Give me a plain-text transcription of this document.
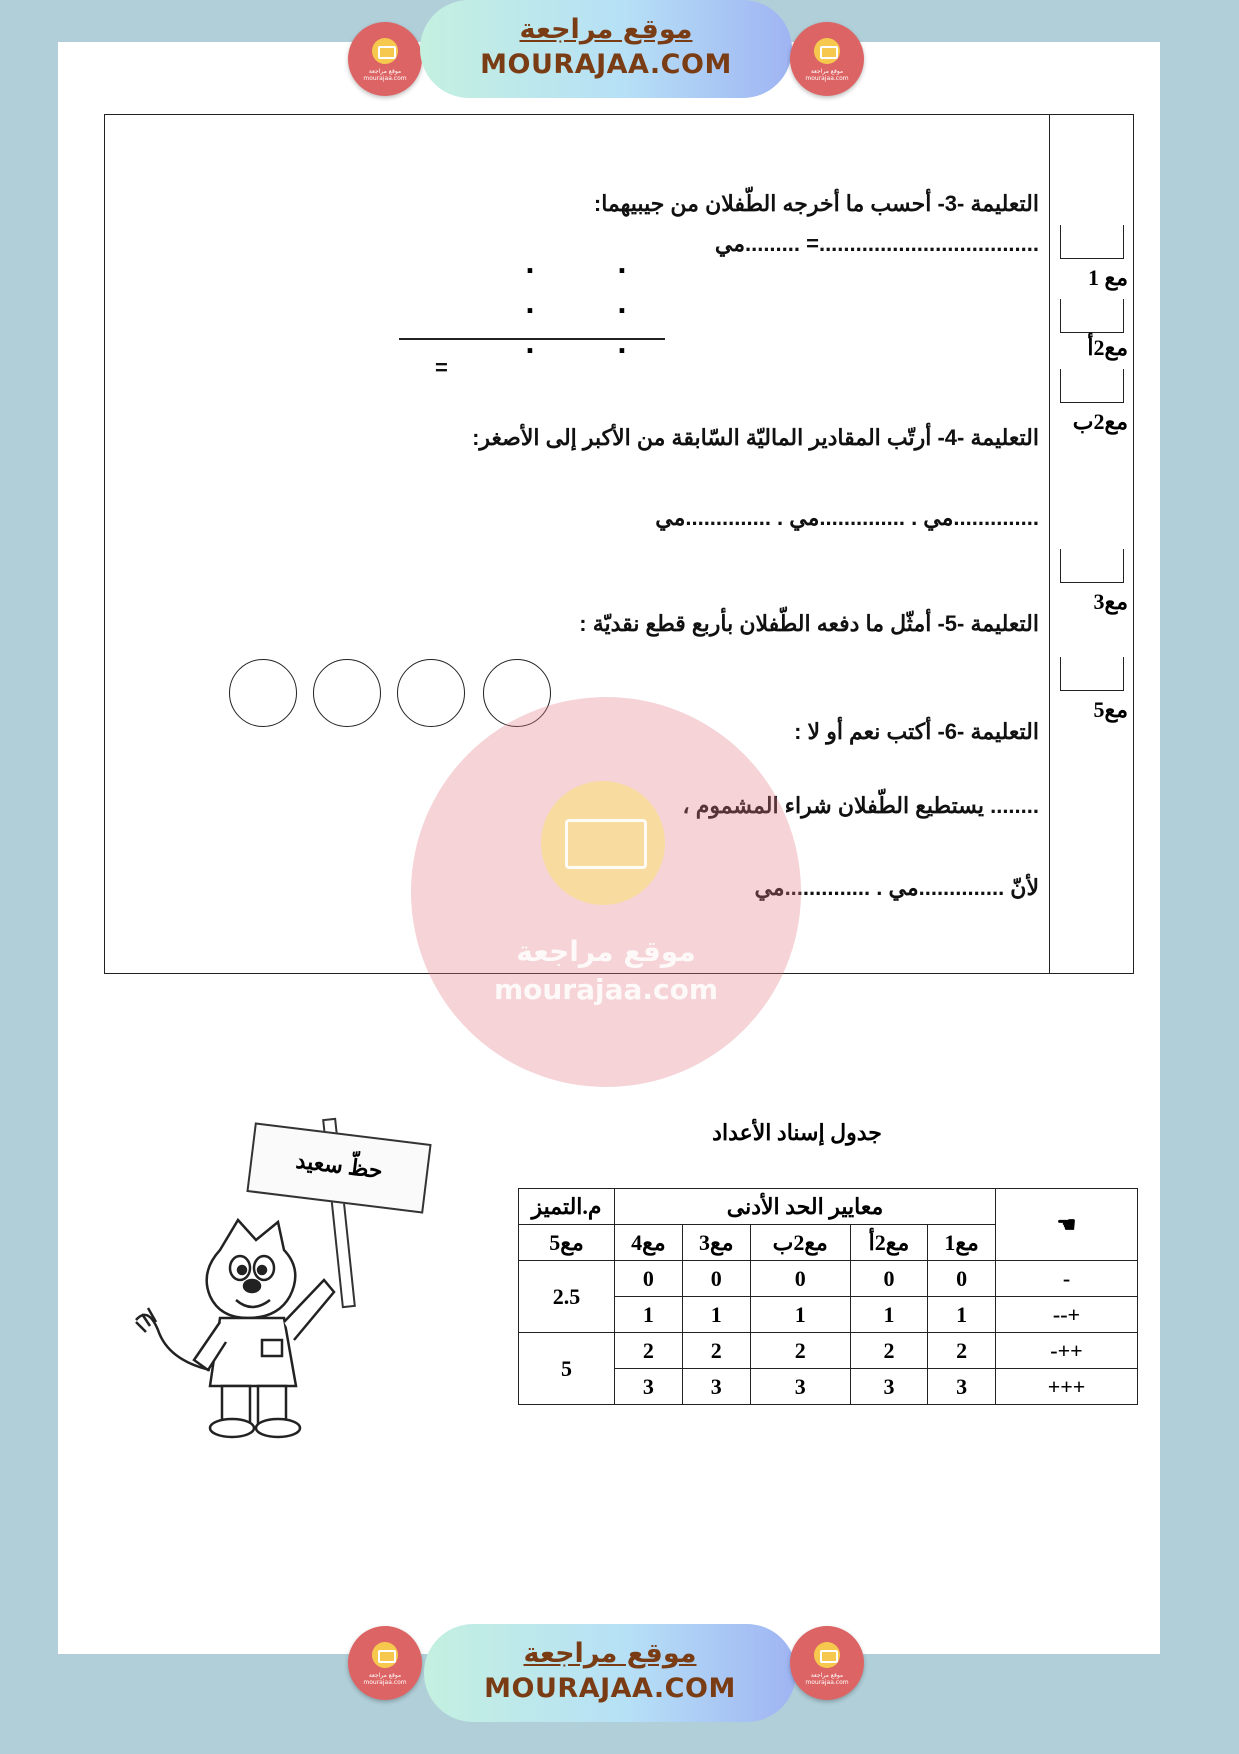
موقع مراجعة mourajaa.com
موقع مراجعة
MOURAJAA.COM	موقع مراجعة mourajaa.com
مع 1
مع2أ
مع2ب
مع3
مع5
التعليمة -3- أحسب ما أخرجه الطّفلان من جيبيهما:
....................................= .........مي
.	.
.	.
=
.	.
التعليمة -4- أرتّب المقادير الماليّة السّابقة من الأكبر إلى الأصغر:
..............مي . ..............مي . ..............مي
التعليمة -5- أمثّل ما دفعه الطّفلان بأربع قطع نقديّة :
التعليمة -6- أكتب نعم أو لا :
........ يستطيع الطّفلان شراء المشموم ،
لأنّ ..............مي . ..............مي
موقع مراجعة
mourajaa.com
جدول إسناد الأعداد
☚	معايير الحد الأدنى					م.التميز
	مع1	مع2أ	مع2ب	مع3	مع4	مع5
-	0	0	0	0	0	2.5
+--	1	1	1	1	1	
++-	2	2	2	2	2	5
+++	3	3	3	3	3	
حظّ سعيد
موقع مراجعة mourajaa.com
موقع مراجعة
MOURAJAA.COM	موقع مراجعة mourajaa.com
